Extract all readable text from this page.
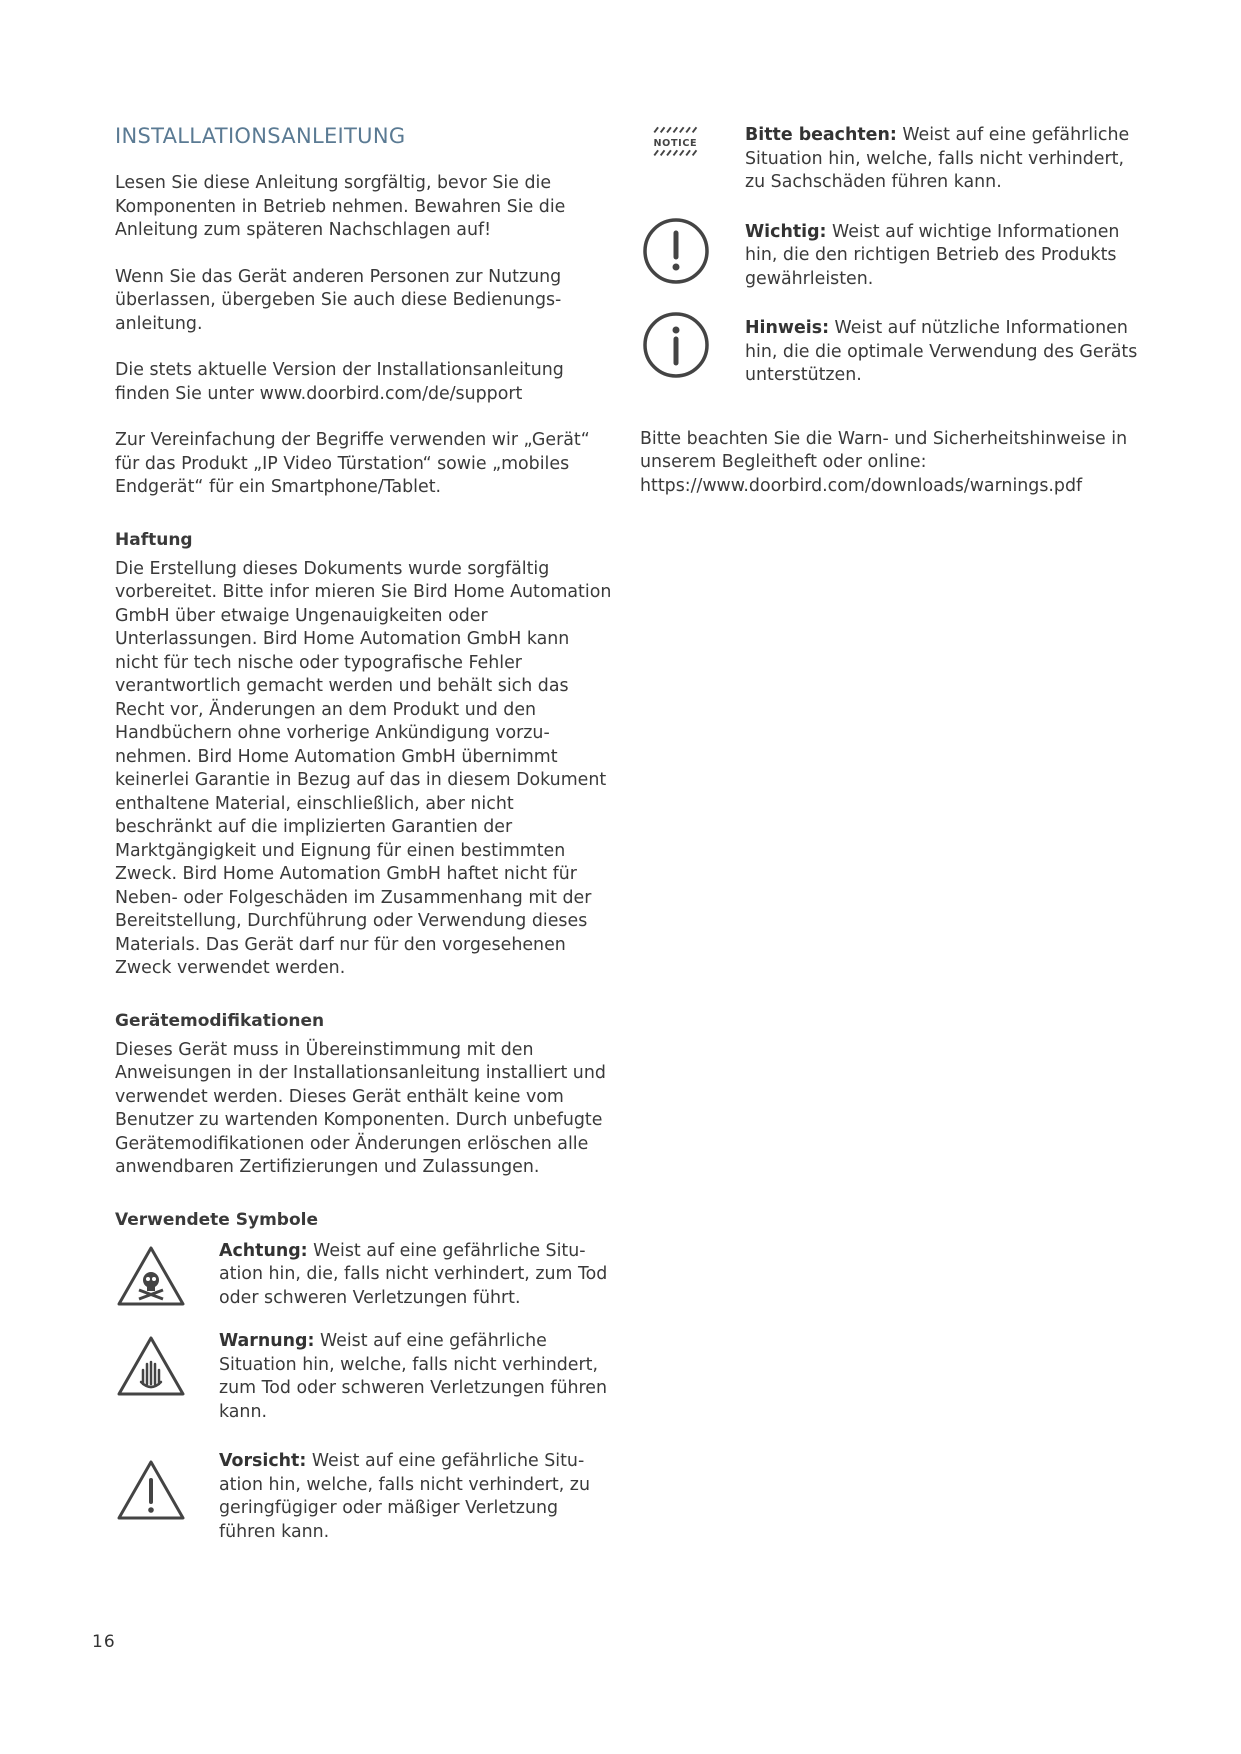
INSTALLATIONSANLEITUNG

Lesen Sie diese Anleitung sorgfältig, bevor Sie die Komponenten in Betrieb nehmen. Bewahren Sie die Anleitung zum späteren Nachschlagen auf!

Wenn Sie das Gerät anderen Personen zur Nutzung überlassen, übergeben Sie auch diese Bedienungsanleitung.

Die stets aktuelle Version der Installationsanleitung finden Sie unter www.doorbird.com/de/support

Zur Vereinfachung der Begriffe verwenden wir „Gerät“ für das Produkt „IP Video Türstation“ sowie „mobiles Endgerät“ für ein Smartphone/Tablet.

Haftung

Die Erstellung dieses Dokuments wurde sorgfältig vorbereitet. Bitte infor mieren Sie Bird Home Automation GmbH über etwaige Ungenauigkeiten oder Unterlassungen. Bird Home Automation GmbH kann nicht für tech nische oder typografische Fehler verantwortlich gemacht werden und behält sich das Recht vor, Änderungen an dem Produkt und den Handbüchern ohne vorherige Ankündigung vorzunehmen. Bird Home Automation GmbH übernimmt keinerlei Garantie in Bezug auf das in diesem Dokument enthaltene Material, einschließlich, aber nicht beschränkt auf die implizierten Garantien der Marktgängigkeit und Eignung für einen bestimmten Zweck. Bird Home Automation GmbH haftet nicht für Neben- oder Folgeschäden im Zusammenhang mit der Bereitstellung, Durchführung oder Verwendung dieses Materials. Das Gerät darf nur für den vorgesehenen Zweck verwendet werden.

Gerätemodifikationen

Dieses Gerät muss in Übereinstimmung mit den Anweisungen in der Installationsanleitung installiert und verwendet werden. Dieses Gerät enthält keine vom Benutzer zu wartenden Komponenten. Durch unbefugte Gerätemodifikationen oder Änderungen erlöschen alle anwendbaren Zertifizierungen und Zulassungen.

Verwendete Symbole

Achtung: Weist auf eine gefährliche Situation hin, die, falls nicht verhindert, zum Tod oder schweren Verletzungen führt.

Warnung: Weist auf eine gefährliche Situation hin, welche, falls nicht verhindert, zum Tod oder schweren Verletzungen führen kann.

Vorsicht: Weist auf eine gefährliche Situation hin, welche, falls nicht verhindert, zu geringfügiger oder mäßiger Verletzung führen kann.

NOTICE	Bitte beachten: Weist auf eine gefährliche Situation hin, welche, falls nicht verhindert, zu Sachschäden führen kann.

Wichtig: Weist auf wichtige Informationen hin, die den richtigen Betrieb des Produkts gewährleisten.

Hinweis: Weist auf nützliche Informationen hin, die die optimale Verwendung des Geräts unterstützen.

Bitte beachten Sie die Warn- und Sicherheitshinweise in unserem Begleitheft oder online: https://www.doorbird.com/downloads/warnings.pdf

16
